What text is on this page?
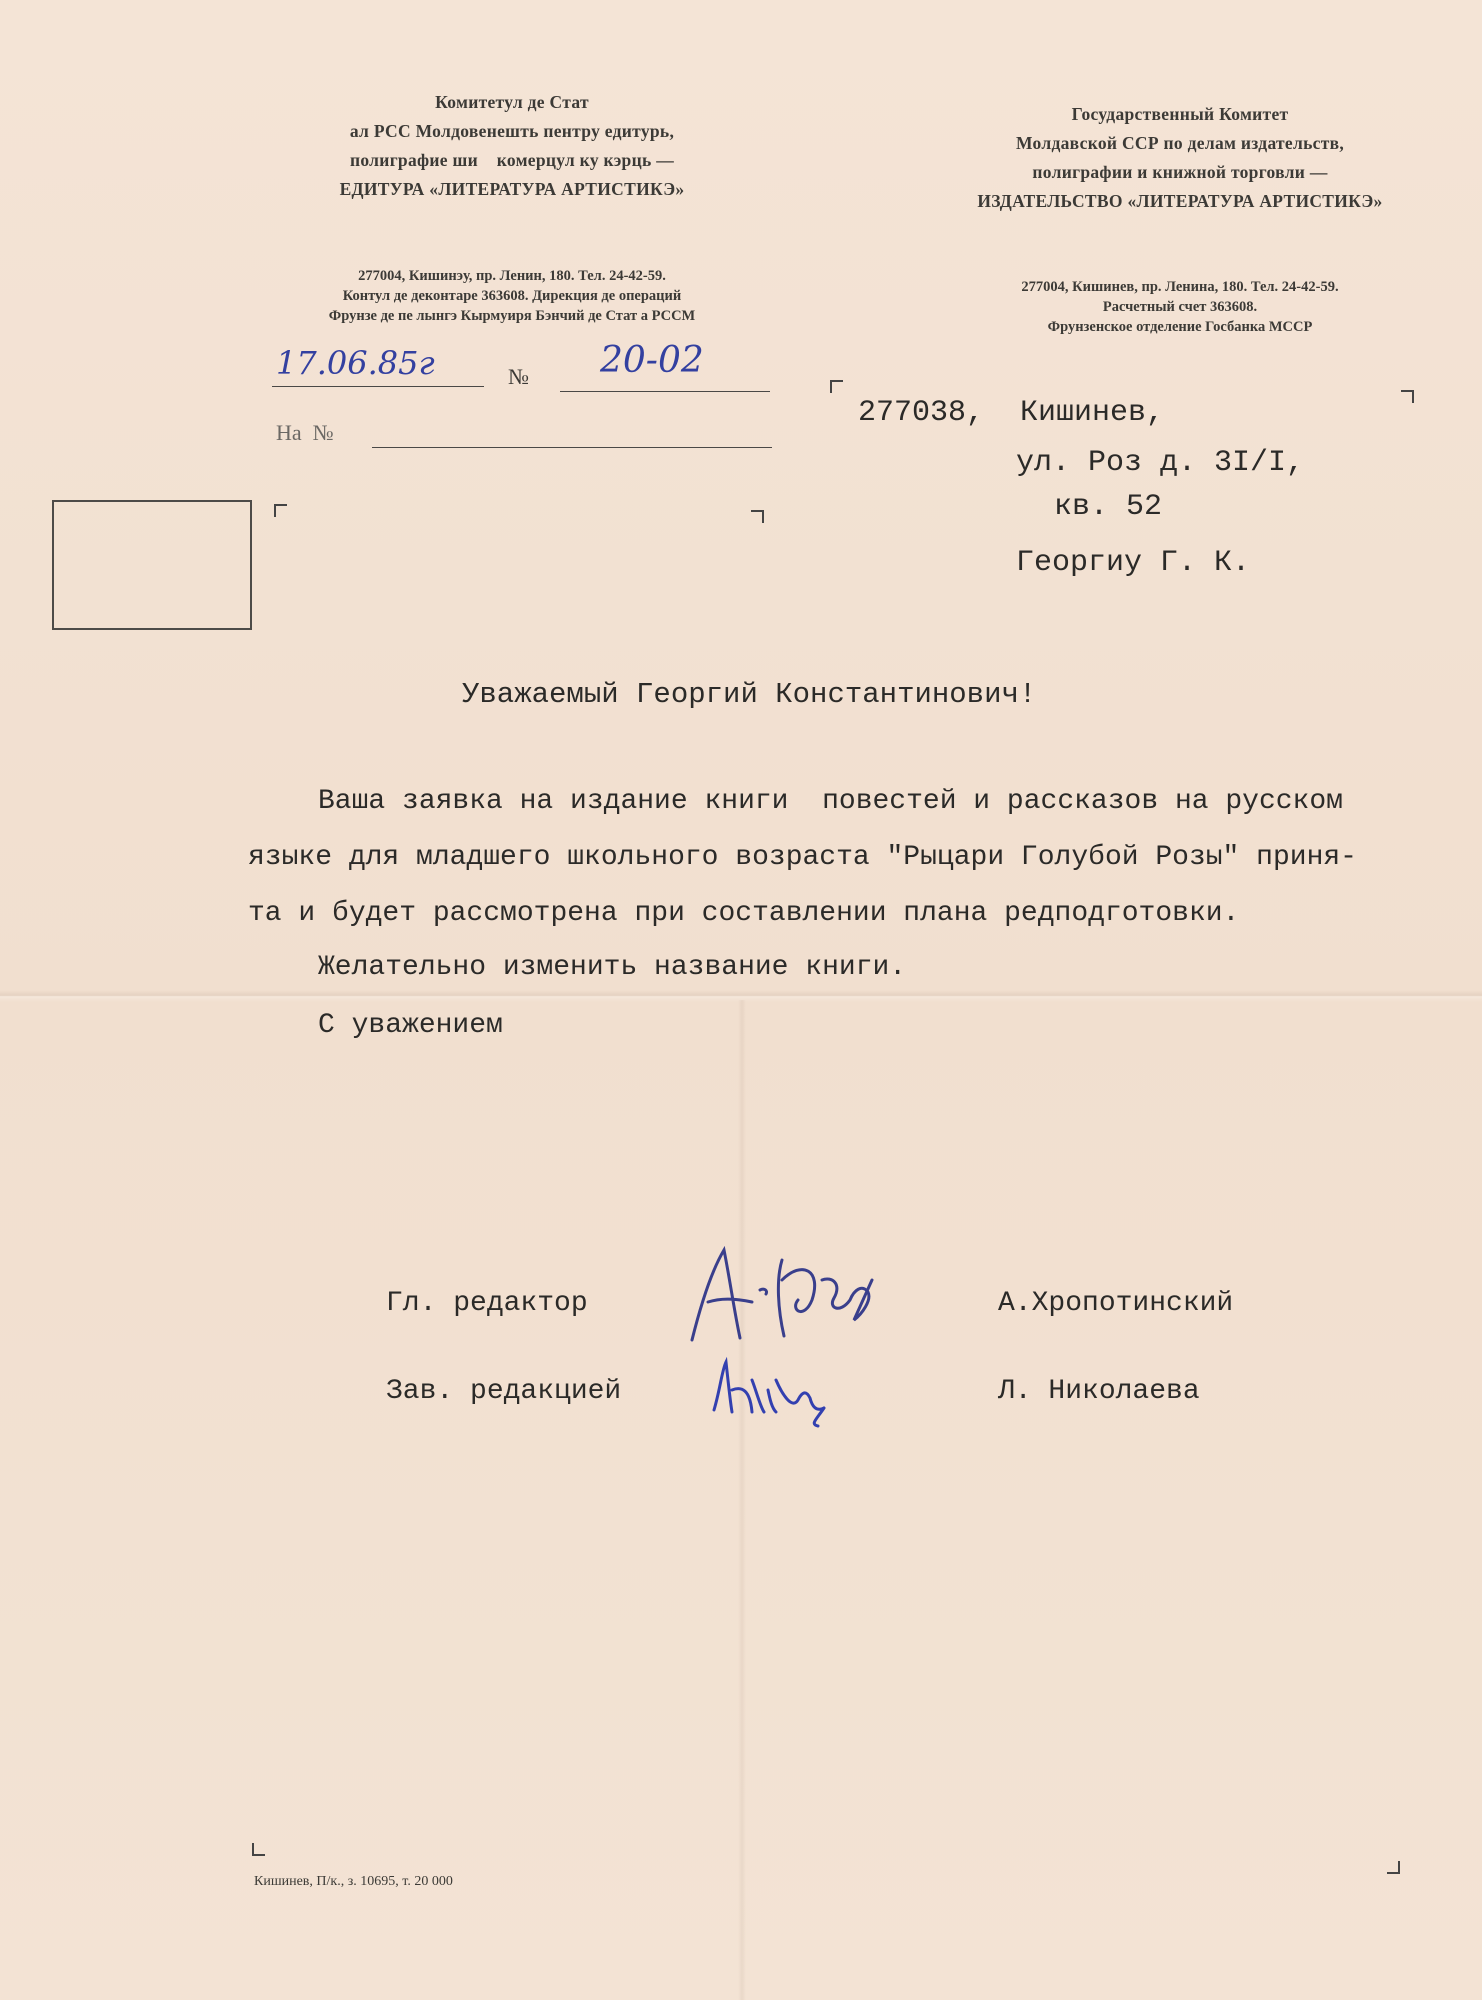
Комитетул де Стат
ал РСС Молдовенешть пентру едитурь,
полиграфие ши    комерцул ку кэрць —
ЕДИТУРА «ЛИТЕРАТУРА АРТИСТИКЭ»
277004, Кишинэу, пр. Ленин, 180. Тел. 24-42-59.
Контул де деконтаре 363608. Дирекция де операций
Фрунзе де пе лынгэ Кырмуиря Бэнчий де Стат а РССМ
Государственный Комитет
Молдавской ССР по делам издательств,
полиграфии и книжной торговли —
ИЗДАТЕЛЬСТВО «ЛИТЕРАТУРА АРТИСТИКЭ»
277004, Кишинев, пр. Ленина, 180. Тел. 24-42-59.
Расчетный счет 363608.
Фрунзенское отделение Госбанка МССР
17.06.85г	№ 20-02
На  №
277038,  Кишинев,
ул. Роз д. 3I/I,
кв. 52
Георгиу Г. К.
Уважаемый Георгий Константинович!
Ваша заявка на издание книги  повестей и рассказов на русском
языке для младшего школьного возраста "Рыцари Голубой Розы" приня-
та и будет рассмотрена при составлении плана редподготовки.
Желательно изменить название книги.
С уважением
Гл. редактор	А.Хропотинский
Зав. редакцией	Л. Николаева
Кишинев, П/к., з. 10695, т. 20 000
